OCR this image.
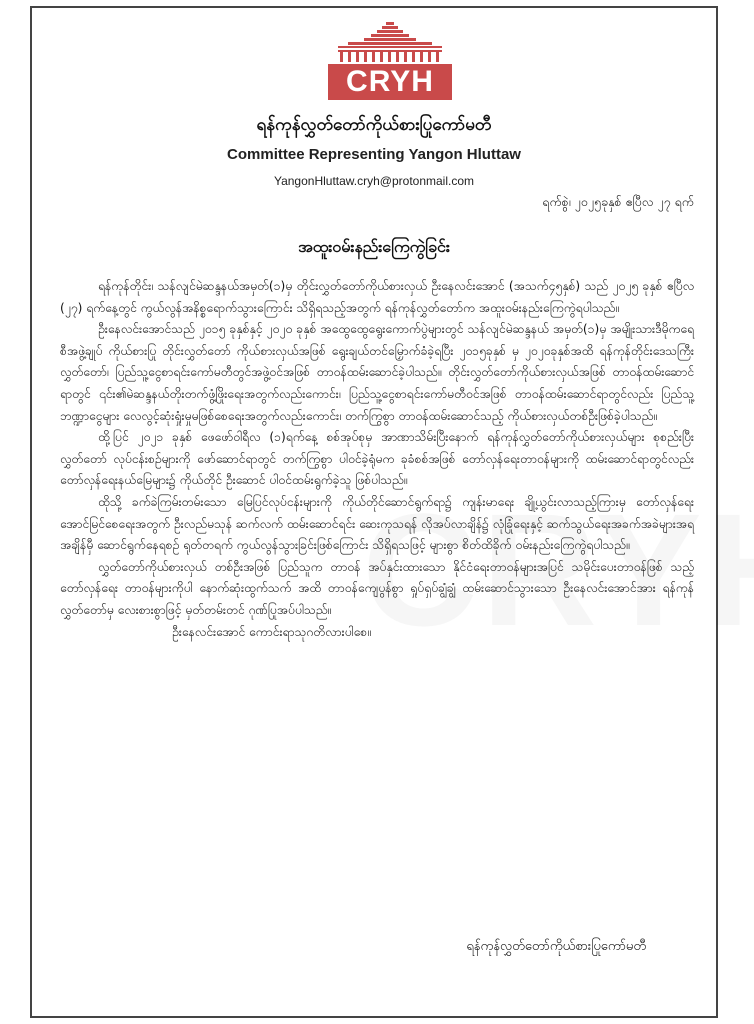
CRYH

ရန်ကုန်လွှတ်တော်ကိုယ်စားပြုကော်မတီ

Committee Representing Yangon Hluttaw

YangonHluttaw.cryh@protonmail.com

ရက်စွဲ၊ ၂၀၂၅ခုနှစ် ဧပြီလ ၂၇ ရက်

အထူးဝမ်းနည်းကြေကွဲခြင်း

ရန်ကုန်တိုင်း၊ သန်လျင်မဲဆန္ဒနယ်အမှတ်(၁)မှ တိုင်းလွှတ်တော်ကိုယ်စားလှယ် ဦးနေလင်းအောင် (အသက်၄၅နှစ်) သည် ၂၀၂၅ ခုနှစ် ဧပြီလ (၂၇) ရက်နေ့တွင် ကွယ်လွန်အနိစ္စရောက်သွားကြောင်း သိရှိရသည့်အတွက် ရန်ကုန်လွှတ်တော်က အထူးဝမ်းနည်းကြေကွဲရပါသည်။

ဦးနေလင်းအောင်သည် ၂၀၁၅ ခုနှစ်နှင့် ၂၀၂၀ ခုနှစ် အထွေထွေရွေးကောက်ပွဲများတွင် သန်လျင်မဲဆန္ဒနယ် အမှတ်(၁)မှ အမျိုးသားဒီမိုကရေစီအဖွဲ့ချုပ် ကိုယ်စားပြု တိုင်းလွှတ်တော် ကိုယ်စားလှယ်အဖြစ် ရွေးချယ်တင်မြှောက်ခံခဲ့ရပြီး ၂၀၁၅ခုနှစ် မှ ၂၀၂၀ခုနှစ်အထိ ရန်ကုန်တိုင်းဒေသကြီးလွှတ်တော်၊ ပြည်သူ့ငွေစာရင်းကော်မတီတွင်အဖွဲ့ဝင်အဖြစ် တာဝန်ထမ်းဆောင်ခဲ့ပါသည်။ တိုင်းလွှတ်တော်ကိုယ်စားလှယ်အဖြစ် တာဝန်ထမ်းဆောင်ရာတွင် ၎င်း၏မဲဆန္ဒနယ်တိုးတက်ဖွံ့ဖြိုးရေးအတွက်လည်းကောင်း၊ ပြည်သူ့ငွေစာရင်းကော်မတီဝင်အဖြစ် တာဝန်ထမ်းဆောင်ရာတွင်လည်း ပြည်သူ့ဘဏ္ဍာငွေများ လေလွင့်ဆုံးရှုံးမှုမဖြစ်စေရေးအတွက်လည်းကောင်း၊ တက်ကြွစွာ တာဝန်ထမ်းဆောင်သည့် ကိုယ်စားလှယ်တစ်ဦးဖြစ်ခဲ့ပါသည်။

ထို့ပြင် ၂၀၂၁ ခုနှစ် ဖေဖော်ဝါရီလ (၁)ရက်နေ့ စစ်အုပ်စုမှ အာဏာသိမ်းပြီးနောက် ရန်ကုန်လွှတ်တော်ကိုယ်စားလှယ်များ စုစည်းပြီး လွှတ်တော် လုပ်ငန်းစဉ်များကို ဖော်ဆောင်ရာတွင် တက်ကြွစွာ ပါဝင်ခဲ့ရုံမက ခုခံစစ်အဖြစ် တော်လှန်ရေးတာဝန်များကို ထမ်းဆောင်ရာတွင်လည်း တော်လှန်ရေးနယ်မြေများ၌ ကိုယ်တိုင် ဦးဆောင် ပါဝင်ထမ်းရွက်ခဲ့သူ ဖြစ်ပါသည်။

ထိုသို့ ခက်ခဲကြမ်းတမ်းသော မြေပြင်လုပ်ငန်းများကို ကိုယ်တိုင်ဆောင်ရွက်ရာ၌ ကျန်းမာရေး ချို့ယွင်းလာသည့်ကြားမှ တော်လှန်ရေးအောင်မြင်စေရေးအတွက် ဦးလည်မသုန် ဆက်လက် ထမ်းဆောင်ရင်း ဆေးကုသရန် လိုအပ်လာချိန်၌ လုံခြုံရေးနှင့် ဆက်သွယ်ရေးအခက်အခဲများအရ အချိန်မှီ ဆောင်ရွက်နေရစဉ် ရုတ်တရက် ကွယ်လွန်သွားခြင်းဖြစ်ကြောင်း သိရှိရသဖြင့် များစွာ စိတ်ထိခိုက် ဝမ်းနည်းကြေကွဲရပါသည်။

လွှတ်တော်ကိုယ်စားလှယ် တစ်ဦးအဖြစ် ပြည်သူက တာဝန် အပ်နှင်းထားသော နိုင်ငံရေးတာဝန်များအပြင် သမိုင်းပေးတာဝန်ဖြစ် သည့် တော်လှန်ရေး တာဝန်များကိုပါ နောက်ဆုံးထွက်သက် အထိ တာဝန်ကျေပွန်စွာ ရှုပ်ရှပ်ချွံချွံ ထမ်းဆောင်သွားသော ဦးနေလင်းအောင်အား ရန်ကုန်လွှတ်တော်မှ လေးစားစွာဖြင့် မှတ်တမ်းတင် ဂုဏ်ပြုအပ်ပါသည်။

ဦးနေလင်းအောင် ကောင်းရာသုဂတိလားပါစေ။

ရန်ကုန်လွှတ်တော်ကိုယ်စားပြုကော်မတီ
